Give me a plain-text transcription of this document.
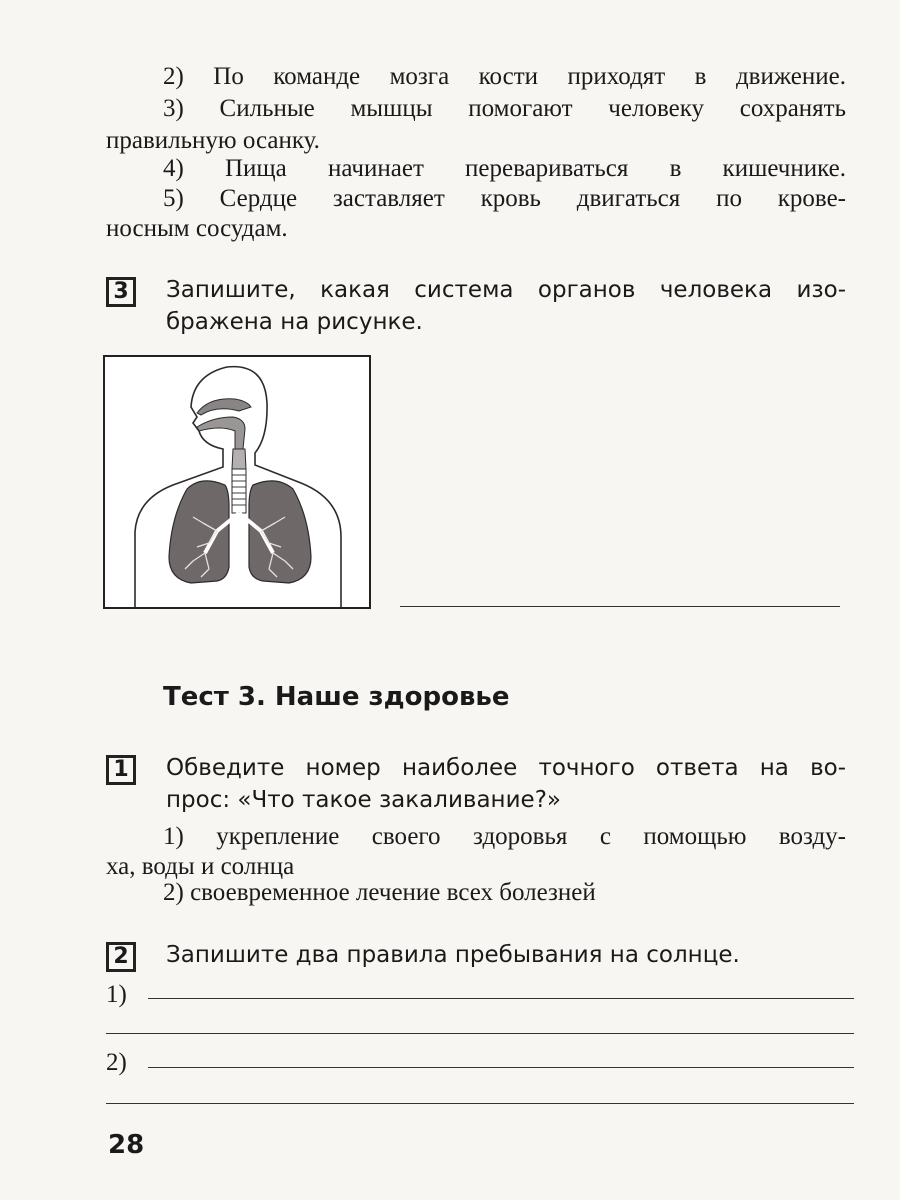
2) По команде мозга кости приходят в движение.
3) Сильные мышцы помогают человеку сохранять
правильную осанку.
4) Пища начинает перевариваться в кишечнике.
5) Сердце заставляет кровь двигаться по крове-
носным сосудам.
3	Запишите, какая система органов человека изо-
бражена на рисунке.
Тест 3. Наше здоровье
1	Обведите номер наиболее точного ответа на во-
прос: «Что такое закаливание?»
1) укрепление своего здоровья с помощью возду-
ха, воды и солнца
2) своевременное лечение всех болезней
2	Запишите два правила пребывания на солнце.
1)
2)
28
